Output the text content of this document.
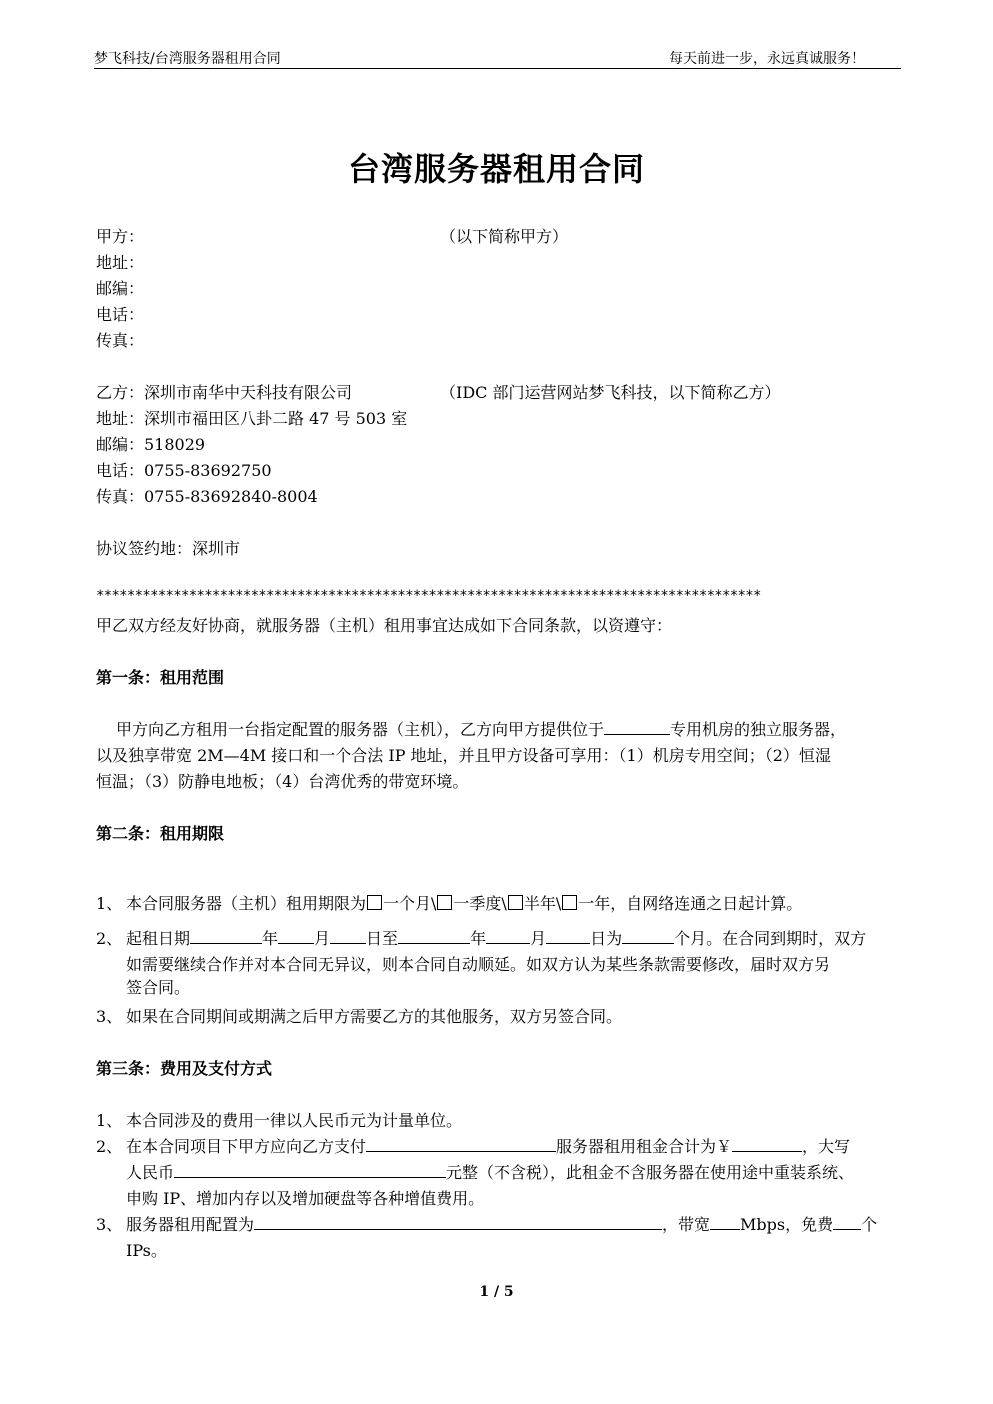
梦飞科技/台湾服务器租用合同	每天前进一步，永远真诚服务！
台湾服务器租用合同
甲方：	（以下简称甲方）
地址：
邮编：
电话：
传真：
乙方：深圳市南华中天科技有限公司	（IDC 部门运营网站梦飞科技，以下简称乙方）
地址：深圳市福田区八卦二路 47 号 503 室
邮编：518029
电话：0755-83692750
传真：0755-83692840-8004
协议签约地：深圳市
**************************************************************************************
甲乙双方经友好协商，就服务器（主机）租用事宜达成如下合同条款，以资遵守：
第一条：租用范围
甲方向乙方租用一台指定配置的服务器（主机），乙方向甲方提供位于	专用机房的独立服务器，
以及独享带宽 2M—4M 接口和一个合法 IP 地址，并且甲方设备可享用：（1）机房专用空间；（2）恒湿
恒温；（3）防静电地板；（4）台湾优秀的带宽环境。
第二条：租用期限
1、 本合同服务器（主机）租用期限为 一个月\ 一季度\ 半年\ 一年，自网络连通之日起计算。
2、 起租日期	年 月 日至	年	月	日为	个月。在合同到期时，双方
如需要继续合作并对本合同无异议，则本合同自动顺延。如双方认为某些条款需要修改，届时双方另
签合同。
3、 如果在合同期间或期满之后甲方需要乙方的其他服务，双方另签合同。
第三条：费用及支付方式
1、 本合同涉及的费用一律以人民币元为计量单位。
2、 在本合同项目下甲方应向乙方支付	服务器租用租金合计为￥	，大写
人民币	元整（不含税），此租金不含服务器在使用途中重装系统、
申购 IP、增加内存以及增加硬盘等各种增值费用。
3、 服务器租用配置为	，带宽 Mbps，免费 个
IPs。
1 / 5
